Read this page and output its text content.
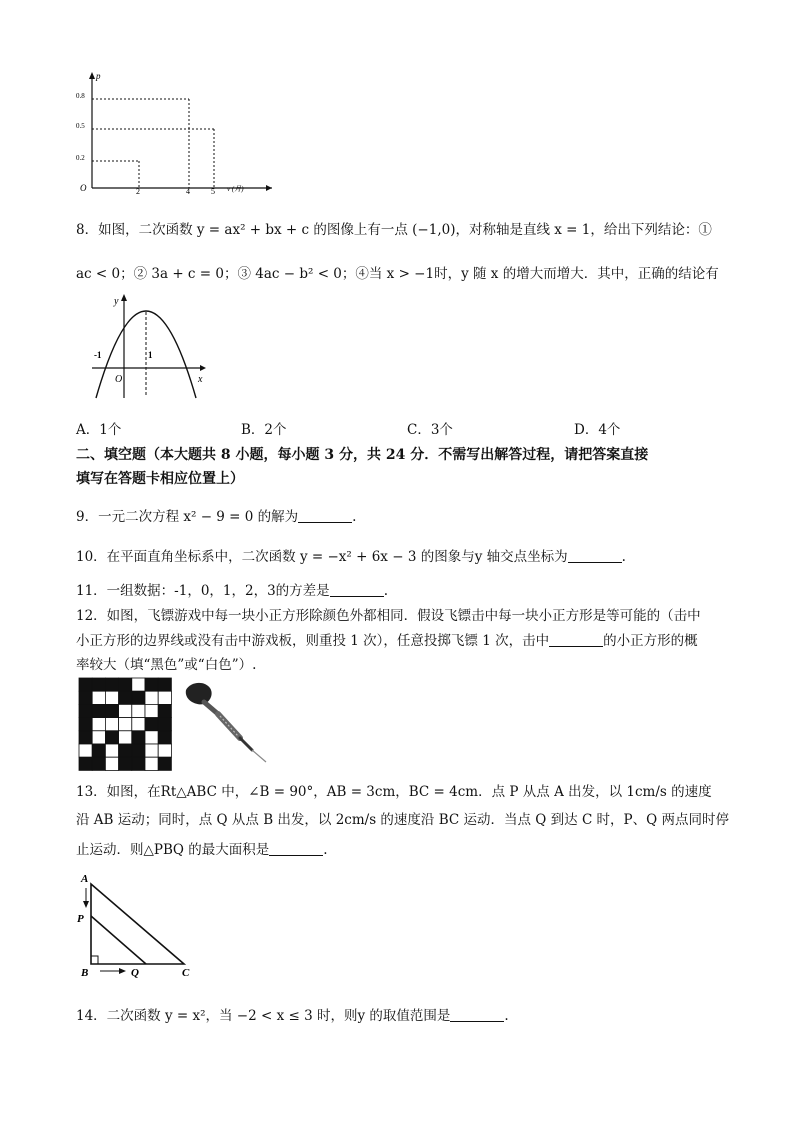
p
O
0.8
0.5
0.2
2	4	5 v (月)
8．如图，二次函数 y = ax² + bx + c 的图像上有一点 (−1,0)，对称轴是直线 x = 1，给出下列结论：①
ac < 0；② 3a + c = 0；③ 4ac − b² < 0；④当 x > −1时，y 随 x 的增大而增大．其中，正确的结论有
y
x
O
-1	1
A．1个	B．2个	C．3个	D．4个
二、填空题（本大题共 8 小题，每小题 3 分，共 24 分．不需写出解答过程，请把答案直接
填写在答题卡相应位置上）
9．一元二次方程 x² − 9 = 0 的解为	.
10．在平面直角坐标系中，二次函数 y = −x² + 6x − 3 的图象与y 轴交点坐标为	.
11．一组数据：-1，0，1，2，3的方差是	.
12．如图，飞镖游戏中每一块小正方形除颜色外都相同．假设飞镖击中每一块小正方形是等可能的（击中
小正方形的边界线或没有击中游戏板，则重投 1 次），任意投掷飞镖 1 次，击中	的小正方形的概
率较大（填“黑色”或“白色”）.
13．如图，在Rt△ABC 中，∠B = 90°，AB = 3cm，BC = 4cm．点 P 从点 A 出发，以 1cm/s 的速度
沿 AB 运动；同时，点 Q 从点 B 出发，以 2cm/s 的速度沿 BC 运动．当点 Q 到达 C 时，P、Q 两点同时停
止运动．则△PBQ 的最大面积是	.
A
P
B	Q	C
14．二次函数 y = x²，当 −2 < x ≤ 3 时，则y 的取值范围是	.
